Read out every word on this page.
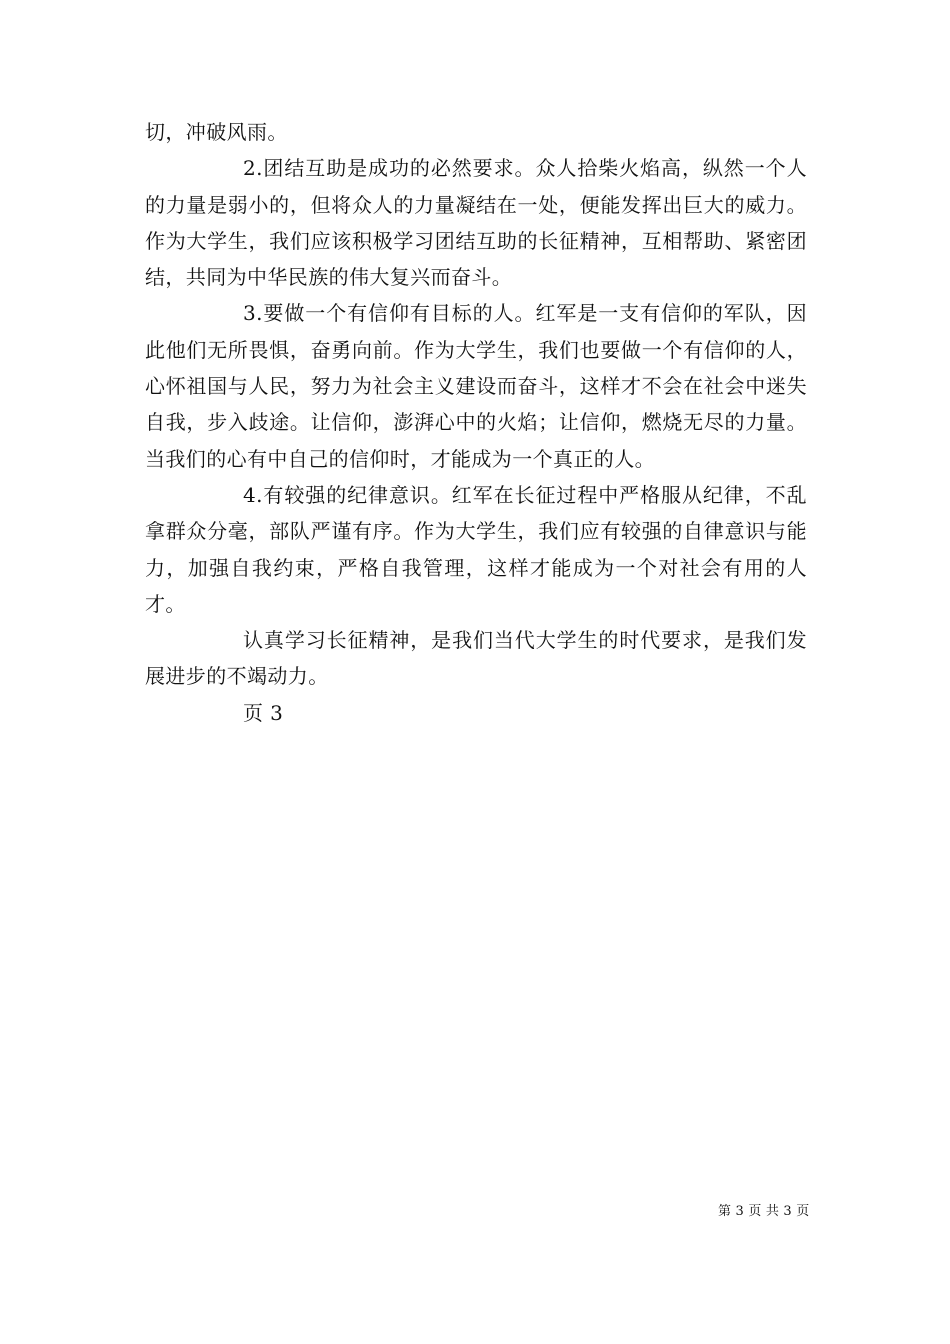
切，冲破风雨。

2.团结互助是成功的必然要求。众人拾柴火焰高，纵然一个人的力量是弱小的，但将众人的力量凝结在一处，便能发挥出巨大的威力。作为大学生，我们应该积极学习团结互助的长征精神，互相帮助、紧密团结，共同为中华民族的伟大复兴而奋斗。

3.要做一个有信仰有目标的人。红军是一支有信仰的军队，因此他们无所畏惧，奋勇向前。作为大学生，我们也要做一个有信仰的人，心怀祖国与人民，努力为社会主义建设而奋斗，这样才不会在社会中迷失自我，步入歧途。让信仰，澎湃心中的火焰；让信仰，燃烧无尽的力量。当我们的心有中自己的信仰时，才能成为一个真正的人。

4.有较强的纪律意识。红军在长征过程中严格服从纪律，不乱拿群众分毫，部队严谨有序。作为大学生，我们应有较强的自律意识与能力，加强自我约束，严格自我管理，这样才能成为一个对社会有用的人才。

认真学习长征精神，是我们当代大学生的时代要求，是我们发展进步的不竭动力。

页 3

第 3 页 共 3 页
